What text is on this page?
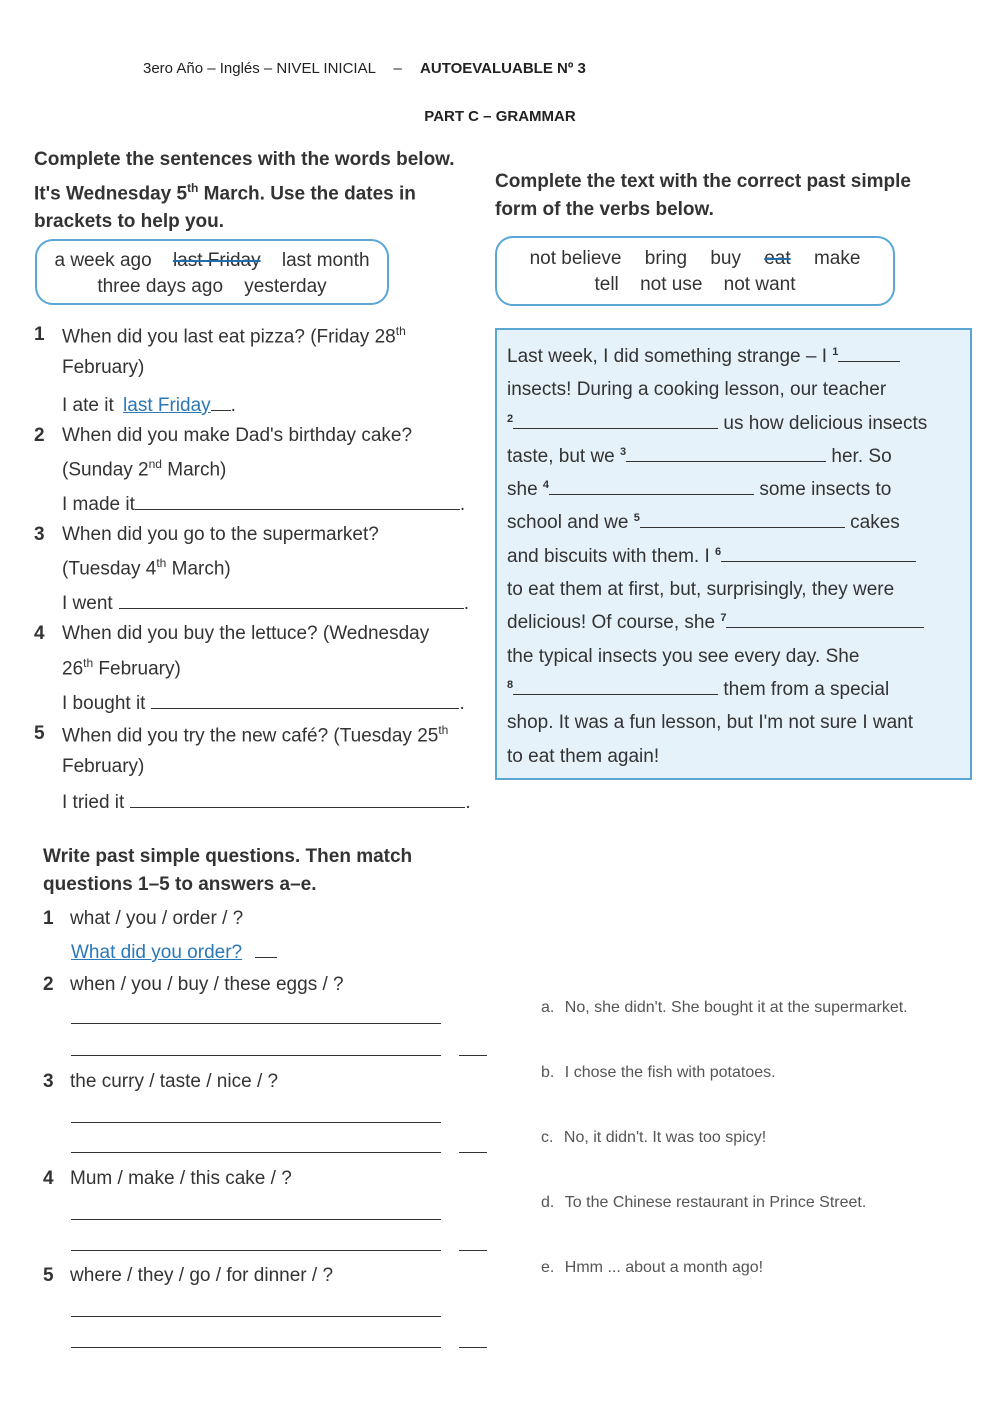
3ero Año – Inglés – NIVEL INICIAL – AUTOEVALUABLE Nº 3
PART C – GRAMMAR
Complete the sentences with the words below.
It's Wednesday 5th March. Use the dates in
brackets to help you.
a week ago last Friday last month
three days ago yesterday
1 When did you last eat pizza? (Friday 28th
February)
I ate it last Friday .
2 When did you make Dad's birthday cake?
(Sunday 2nd March)
I made it	.
3 When did you go to the supermarket?
(Tuesday 4th March)
I went	.
4 When did you buy the lettuce? (Wednesday
26th February)
I bought it	.
5 When did you try the new café? (Tuesday 25th
February)
I tried it	.
Complete the text with the correct past simple
form of the verbs below.
not believe bring buy eat make
tell not use not want
Last week, I did something strange – I $^1$
insects! During a cooking lesson, our teacher
$^2$	us how delicious insects
taste, but we $^3$	her. So
she $^4$	some insects to
school and we $^5$	cakes
and biscuits with them. I $^6$
to eat them at first, but, surprisingly, they were
delicious! Of course, she $^7$
the typical insects you see every day. She
$^8$	them from a special
shop. It was a fun lesson, but I'm not sure I want
to eat them again!
Write past simple questions. Then match
questions 1–5 to answers a–e.
1 what / you / order / ?
What did you order?
2 when / you / buy / these eggs / ?
3 the curry / taste / nice / ?
4 Mum / make / this cake / ?
5 where / they / go / for dinner / ?
a. No, she didn't. She bought it at the supermarket.
b. I chose the fish with potatoes.
c. No, it didn't. It was too spicy!
d. To the Chinese restaurant in Prince Street.
e. Hmm ... about a month ago!
